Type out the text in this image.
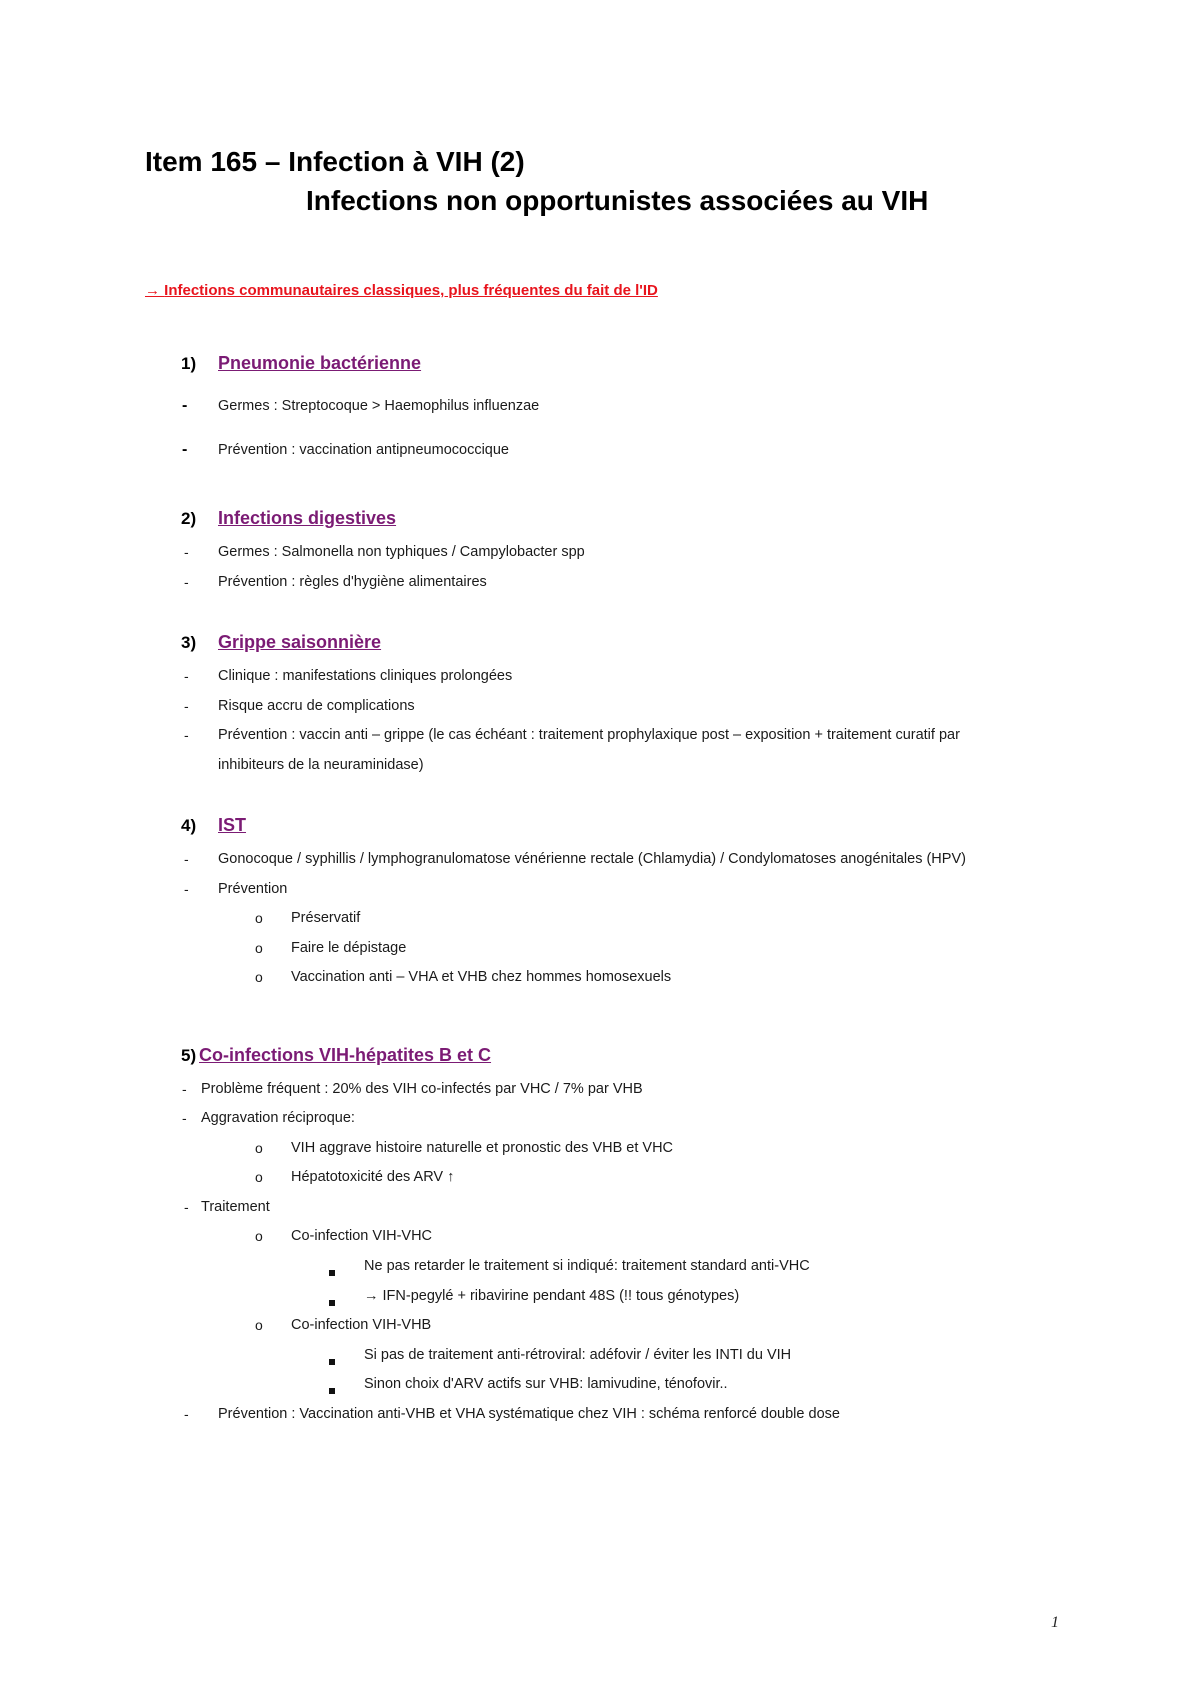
Item 165 – Infection à VIH (2)
Infections non opportunistes associées au VIH
→ Infections communautaires classiques, plus fréquentes du fait de l'ID
1) Pneumonie bactérienne
- Germes : Streptocoque > Haemophilus influenzae
- Prévention : vaccination antipneumococcique
2) Infections digestives
- Germes : Salmonella non typhiques / Campylobacter spp
- Prévention : règles d'hygiène alimentaires
3) Grippe saisonnière
- Clinique : manifestations cliniques prolongées
- Risque accru de complications
- Prévention : vaccin anti – grippe (le cas échéant : traitement prophylaxique post – exposition + traitement curatif par
inhibiteurs de la neuraminidase)
4) IST
- Gonocoque / syphillis / lymphogranulomatose vénérienne rectale (Chlamydia) / Condylomatoses anogénitales (HPV)
- Prévention
o Préservatif
o Faire le dépistage
o Vaccination anti – VHA et VHB chez hommes homosexuels
5) Co-infections VIH-hépatites B et C
- Problème fréquent : 20% des VIH co-infectés par VHC / 7% par VHB
- Aggravation réciproque:
o VIH aggrave histoire naturelle et pronostic des VHB et VHC
o Hépatotoxicité des ARV ↑
- Traitement
o Co-infection VIH-VHC
Ne pas retarder le traitement si indiqué: traitement standard anti-VHC
→ IFN-pegylé + ribavirine pendant 48S (!! tous génotypes)
o Co-infection VIH-VHB
Si pas de traitement anti-rétroviral: adéfovir / éviter les INTI du VIH
Sinon choix d'ARV actifs sur VHB: lamivudine, ténofovir..
- Prévention : Vaccination anti-VHB et VHA systématique chez VIH : schéma renforcé double dose
1
